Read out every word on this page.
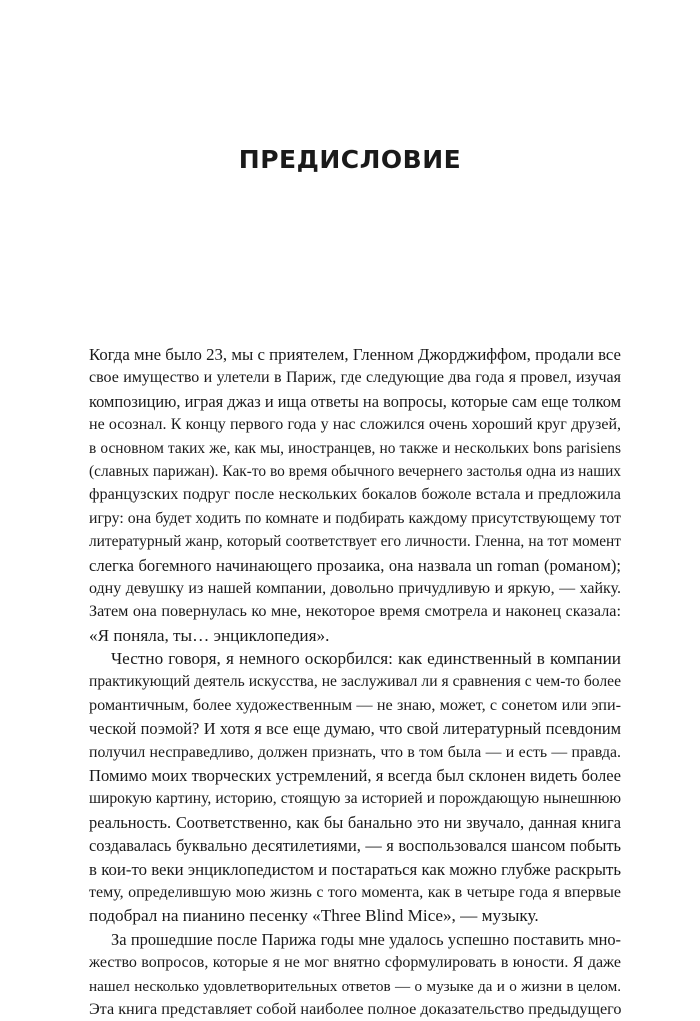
ПРЕДИСЛОВИЕ
Когда мне было 23, мы с приятелем, Гленном Джорджиффом, продали все
свое имущество и улетели в Париж, где следующие два года я провел, изучая
композицию, играя джаз и ища ответы на вопросы, которые сам еще толком
не осознал. К концу первого года у нас сложился очень хороший круг друзей,
в основном таких же, как мы, иностранцев, но также и нескольких bons parisiens
(славных парижан). Как-то во время обычного вечернего застолья одна из наших
французских подруг после нескольких бокалов божоле встала и предложила
игру: она будет ходить по комнате и подбирать каждому присутствующему тот
литературный жанр, который соответствует его личности. Гленна, на тот момент
слегка богемного начинающего прозаика, она назвала un roman (романом);
одну девушку из нашей компании, довольно причудливую и яркую, — хайку.
Затем она повернулась ко мне, некоторое время смотрела и наконец сказала:
«Я поняла, ты… энциклопедия».
Честно говоря, я немного оскорбился: как единственный в компании
практикующий деятель искусства, не заслуживал ли я сравнения с чем-то более
романтичным, более художественным — не знаю, может, с сонетом или эпи-
ческой поэмой? И хотя я все еще думаю, что свой литературный псевдоним
получил несправедливо, должен признать, что в том была — и есть — правда.
Помимо моих творческих устремлений, я всегда был склонен видеть более
широкую картину, историю, стоящую за историей и порождающую нынешнюю
реальность. Соответственно, как бы банально это ни звучало, данная книга
создавалась буквально десятилетиями, — я воспользовался шансом побыть
в кои-то веки энциклопедистом и постараться как можно глубже раскрыть
тему, определившую мою жизнь с того момента, как в четыре года я впервые
подобрал на пианино песенку «Three Blind Mice», — музыку.
За прошедшие после Парижа годы мне удалось успешно поставить мно-
жество вопросов, которые я не мог внятно сформулировать в юности. Я даже
нашел несколько удовлетворительных ответов — о музыке да и о жизни в целом.
Эта книга представляет собой наиболее полное доказательство предыдущего
